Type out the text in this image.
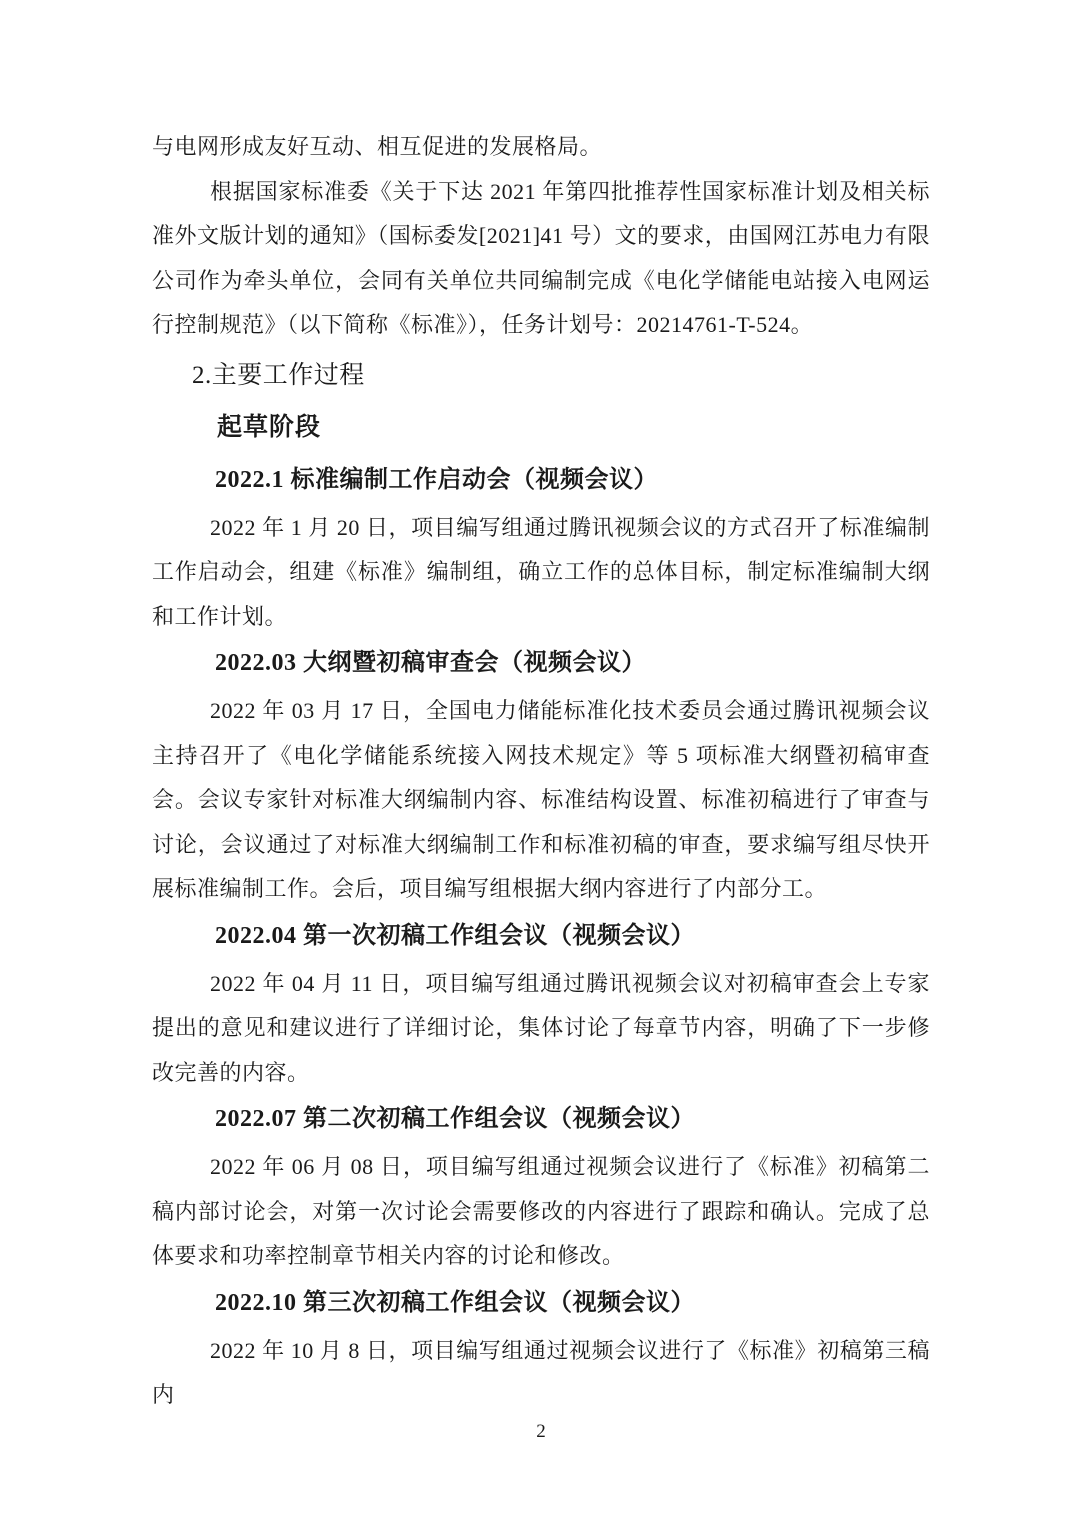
与电网形成友好互动、相互促进的发展格局。

根据国家标准委《关于下达 2021 年第四批推荐性国家标准计划及相关标准外文版计划的通知》（国标委发[2021]41 号）文的要求，由国网江苏电力有限公司作为牵头单位，会同有关单位共同编制完成《电化学储能电站接入电网运行控制规范》（以下简称《标准》），任务计划号：20214761-T-524。

2.主要工作过程

起草阶段

2022.1 标准编制工作启动会（视频会议）

2022 年 1 月 20 日，项目编写组通过腾讯视频会议的方式召开了标准编制工作启动会，组建《标准》编制组，确立工作的总体目标，制定标准编制大纲和工作计划。

2022.03 大纲暨初稿审查会（视频会议）

2022 年 03 月 17 日，全国电力储能标准化技术委员会通过腾讯视频会议主持召开了《电化学储能系统接入网技术规定》等 5 项标准大纲暨初稿审查会。会议专家针对标准大纲编制内容、标准结构设置、标准初稿进行了审查与讨论，会议通过了对标准大纲编制工作和标准初稿的审查，要求编写组尽快开展标准编制工作。会后，项目编写组根据大纲内容进行了内部分工。

2022.04 第一次初稿工作组会议（视频会议）

2022 年 04 月 11 日，项目编写组通过腾讯视频会议对初稿审查会上专家提出的意见和建议进行了详细讨论，集体讨论了每章节内容，明确了下一步修改完善的内容。

2022.07 第二次初稿工作组会议（视频会议）

2022 年 06 月 08 日，项目编写组通过视频会议进行了《标准》初稿第二稿内部讨论会，对第一次讨论会需要修改的内容进行了跟踪和确认。完成了总体要求和功率控制章节相关内容的讨论和修改。

2022.10 第三次初稿工作组会议（视频会议）

2022 年 10 月 8 日，项目编写组通过视频会议进行了《标准》初稿第三稿内

2
